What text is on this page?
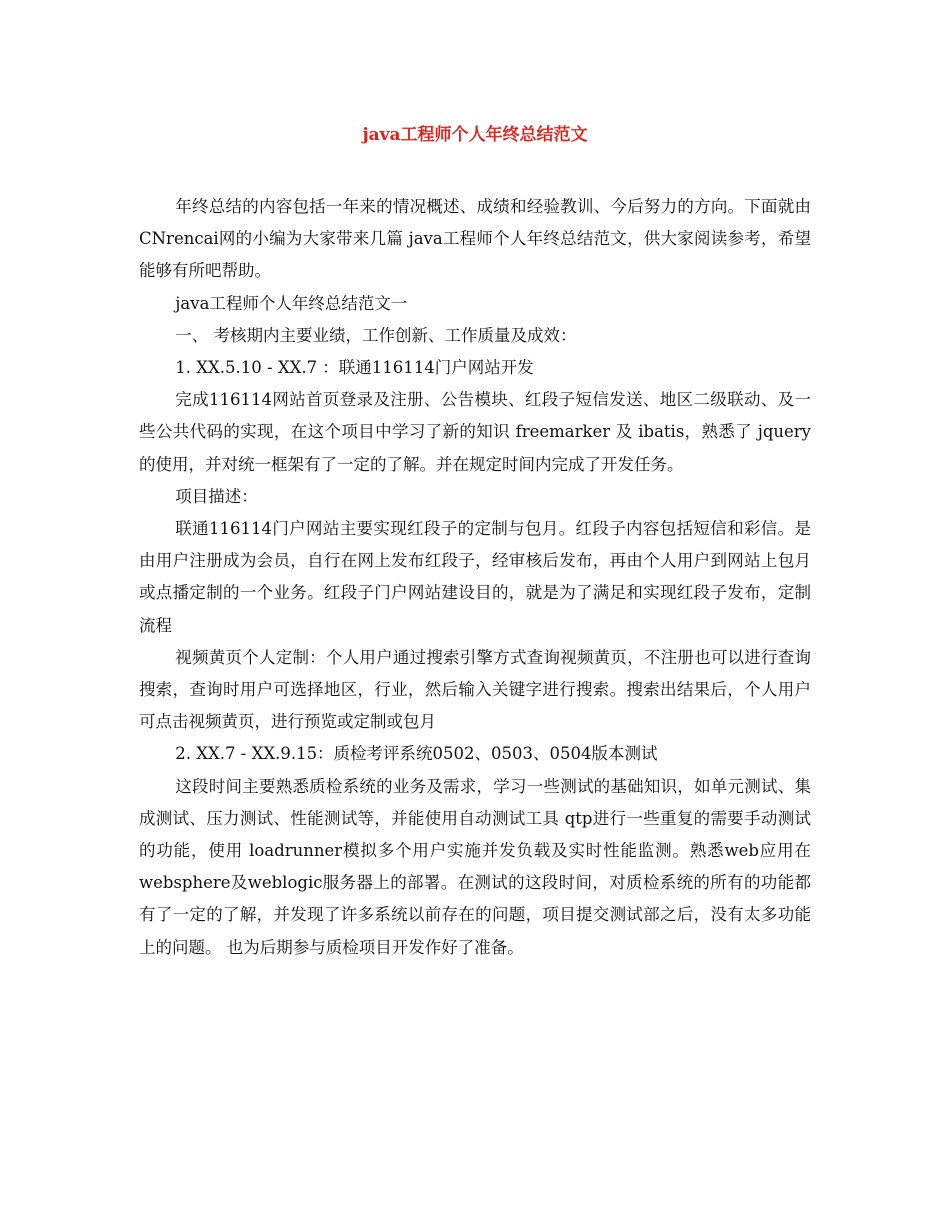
java工程师个人年终总结范文

年终总结的内容包括一年来的情况概述、成绩和经验教训、今后努力的方向。下面就由CNrencai网的小编为大家带来几篇 java工程师个人年终总结范文，供大家阅读参考，希望能够有所吧帮助。

java工程师个人年终总结范文一

一、 考核期内主要业绩，工作创新、工作质量及成效：

1. XX.5.10 - XX.7 ：联通116114门户网站开发

完成116114网站首页登录及注册、公告模块、红段子短信发送、地区二级联动、及一些公共代码的实现，在这个项目中学习了新的知识 freemarker 及 ibatis，熟悉了 jquery的使用，并对统一框架有了一定的了解。并在规定时间内完成了开发任务。

项目描述：

联通116114门户网站主要实现红段子的定制与包月。红段子内容包括短信和彩信。是由用户注册成为会员，自行在网上发布红段子，经审核后发布，再由个人用户到网站上包月或点播定制的一个业务。红段子门户网站建设目的，就是为了满足和实现红段子发布，定制流程

视频黄页个人定制：个人用户通过搜索引擎方式查询视频黄页，不注册也可以进行查询搜索，查询时用户可选择地区，行业，然后输入关键字进行搜索。搜索出结果后，个人用户可点击视频黄页，进行预览或定制或包月

2. XX.7 - XX.9.15：质检考评系统0502、0503、0504版本测试

这段时间主要熟悉质检系统的业务及需求，学习一些测试的基础知识，如单元测试、集成测试、压力测试、性能测试等，并能使用自动测试工具 qtp进行一些重复的需要手动测试的功能，使用 loadrunner模拟多个用户实施并发负载及实时性能监测。熟悉web应用在websphere及weblogic服务器上的部署。在测试的这段时间，对质检系统的所有的功能都有了一定的了解，并发现了许多系统以前存在的问题，项目提交测试部之后，没有太多功能上的问题。 也为后期参与质检项目开发作好了准备。
